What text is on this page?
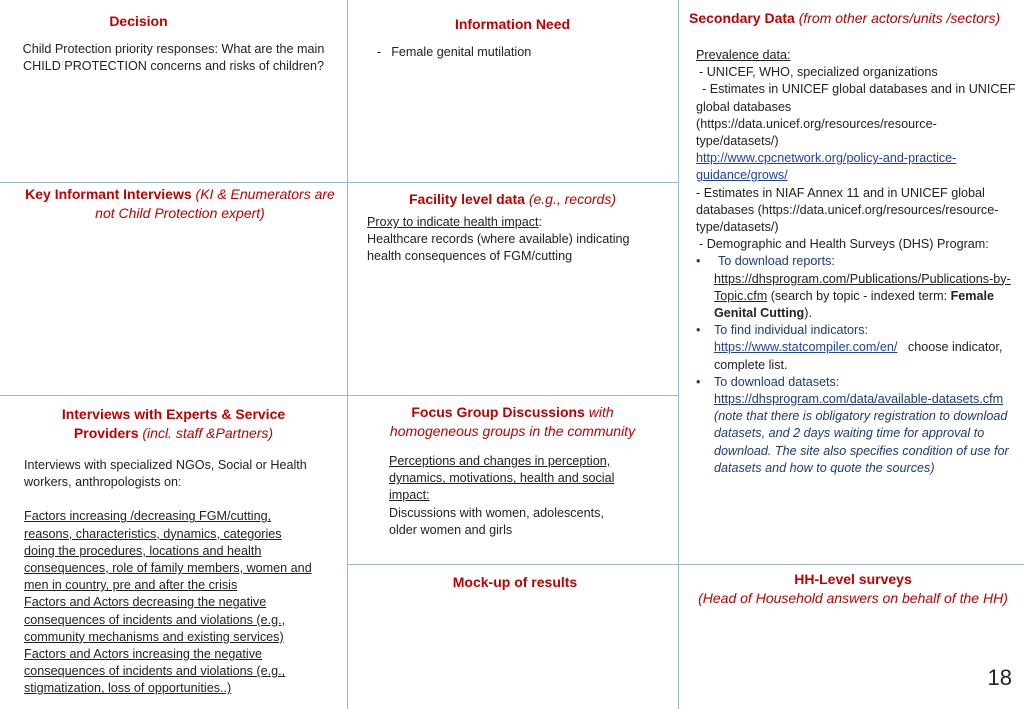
Decision
Child Protection priority responses: What are the main CHILD PROTECTION concerns and risks of children?
Information Need
- Female genital mutilation
Secondary Data (from other actors/units /sectors)

Prevalence data:

- UNICEF, WHO, specialized organizations

- Estimates in UNICEF global databases and in UNICEF global databases (https://data.unicef.org/resources/resource-type/datasets/)

http://www.cpcnetwork.org/policy-and-practice-guidance/grows/

- Estimates in NIAF Annex 11 and in UNICEF global databases (https://data.unicef.org/resources/resource-type/datasets/)

- Demographic and Health Surveys (DHS) Program:

• To download reports:
https://dhsprogram.com/Publications/Publications-by-Topic.cfm (search by topic - indexed term: Female Genital Cutting).
• To find individual indicators:
https://www.statcompiler.com/en/ choose indicator, complete list.
• To download datasets:
https://dhsprogram.com/data/available-datasets.cfm (note that there is obligatory registration to download datasets, and 2 days waiting time for approval to download. The site also specifies condition of use for datasets and how to quote the sources)
Key Informant Interviews (KI & Enumerators are not Child Protection expert)
Facility level data (e.g., records)

Proxy to indicate health impact:

Healthcare records (where available) indicating health consequences of FGM/cutting

Interviews with Experts & Service Providers (incl. staff &Partners)

Interviews with specialized NGOs, Social or Health workers, anthropologists on:

Factors increasing /decreasing FGM/cutting, reasons, characteristics, dynamics, categories doing the procedures, locations and health consequences, role of family members, women and men in country, pre and after the crisis

Factors and Actors decreasing the negative consequences of incidents and violations (e.g., community mechanisms and existing services)

Factors and Actors increasing the negative consequences of incidents and violations (e.g., stigmatization, loss of opportunities..)

Focus Group Discussions with homogeneous groups in the community

Perceptions and changes in perception, dynamics, motivations, health and social impact:

Discussions with women, adolescents, older women and girls

Mock-up of results	HH-Level surveys
(Head of Household answers on behalf of the HH)
18
